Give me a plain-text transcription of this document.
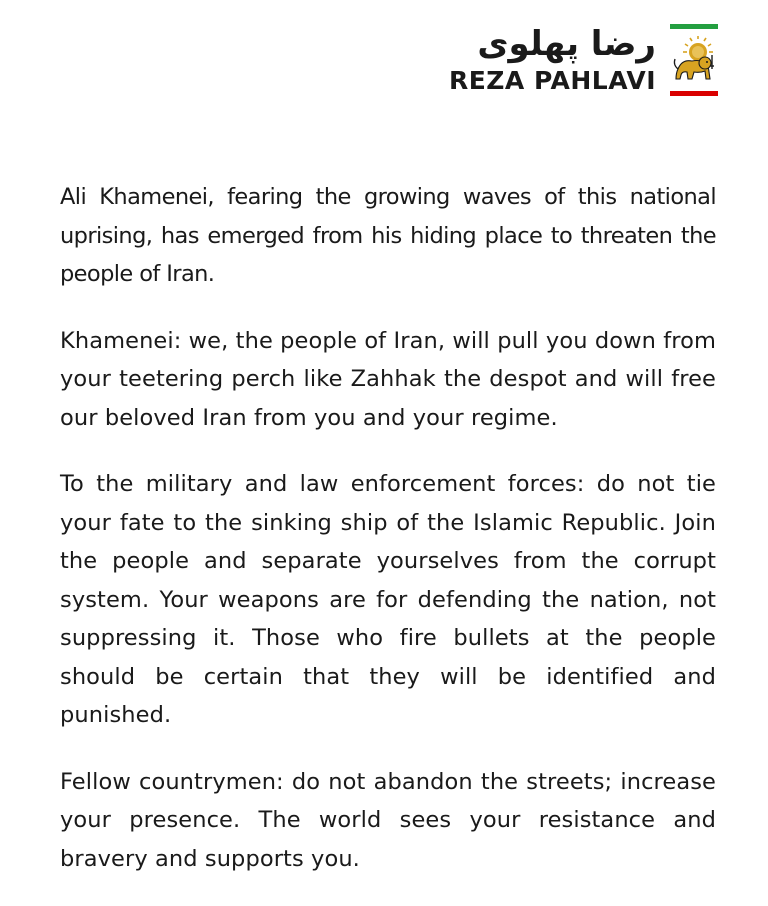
رضا پهلوی
REZA PAHLAVI

Ali Khamenei, fearing the growing waves of this national uprising, has emerged from his hiding place to threaten the people of Iran.

Khamenei: we, the people of Iran, will pull you down from your teetering perch like Zahhak the despot and will free our beloved Iran from you and your regime.

To the military and law enforcement forces: do not tie your fate to the sinking ship of the Islamic Republic. Join the people and separate yourselves from the corrupt system. Your weapons are for defending the nation, not suppressing it. Those who fire bullets at the people should be certain that they will be identified and punished.

Fellow countrymen: do not abandon the streets; increase your presence. The world sees your resistance and bravery and supports you.
